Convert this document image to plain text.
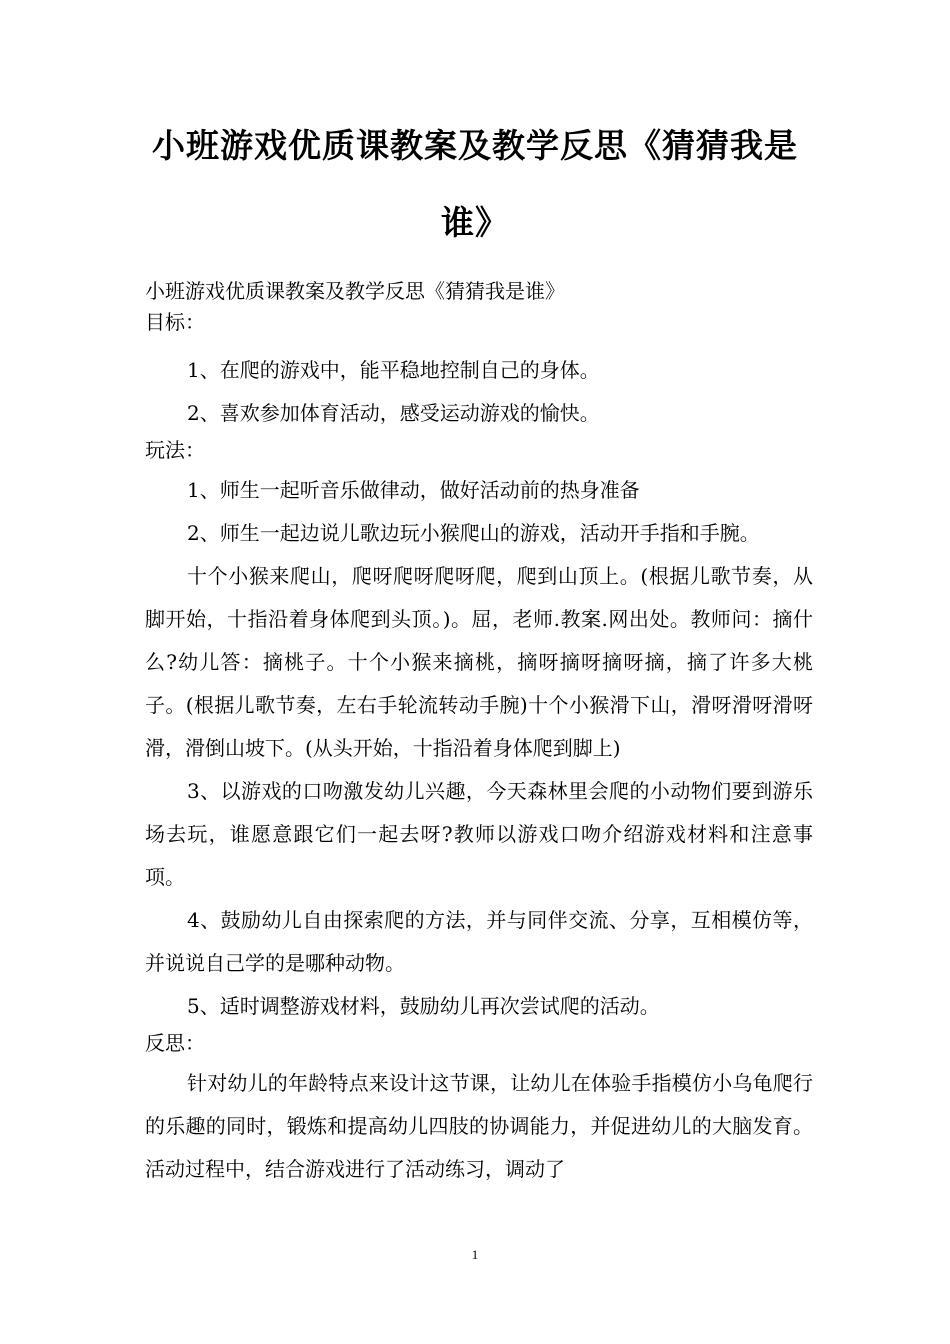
小班游戏优质课教案及教学反思《猜猜我是
谁》
小班游戏优质课教案及教学反思《猜猜我是谁》
目标：

1、在爬的游戏中，能平稳地控制自己的身体。

2、喜欢参加体育活动，感受运动游戏的愉快。

玩法：

1、师生一起听音乐做律动，做好活动前的热身准备

2、师生一起边说儿歌边玩小猴爬山的游戏，活动开手指和手腕。

十个小猴来爬山，爬呀爬呀爬呀爬，爬到山顶上。(根据儿歌节奏，从脚开始，十指沿着身体爬到头顶。)。屈，老师.教案.网出处。教师问：摘什么?幼儿答：摘桃子。十个小猴来摘桃，摘呀摘呀摘呀摘，摘了许多大桃子。(根据儿歌节奏，左右手轮流转动手腕)十个小猴滑下山，滑呀滑呀滑呀滑，滑倒山坡下。(从头开始，十指沿着身体爬到脚上)

3、以游戏的口吻激发幼儿兴趣，今天森林里会爬的小动物们要到游乐场去玩，谁愿意跟它们一起去呀?教师以游戏口吻介绍游戏材料和注意事项。

4、鼓励幼儿自由探索爬的方法，并与同伴交流、分享，互相模仿等，并说说自己学的是哪种动物。

5、适时调整游戏材料，鼓励幼儿再次尝试爬的活动。

反思：

针对幼儿的年龄特点来设计这节课，让幼儿在体验手指模仿小乌龟爬行的乐趣的同时，锻炼和提高幼儿四肢的协调能力，并促进幼儿的大脑发育。活动过程中，结合游戏进行了活动练习，调动了

1
